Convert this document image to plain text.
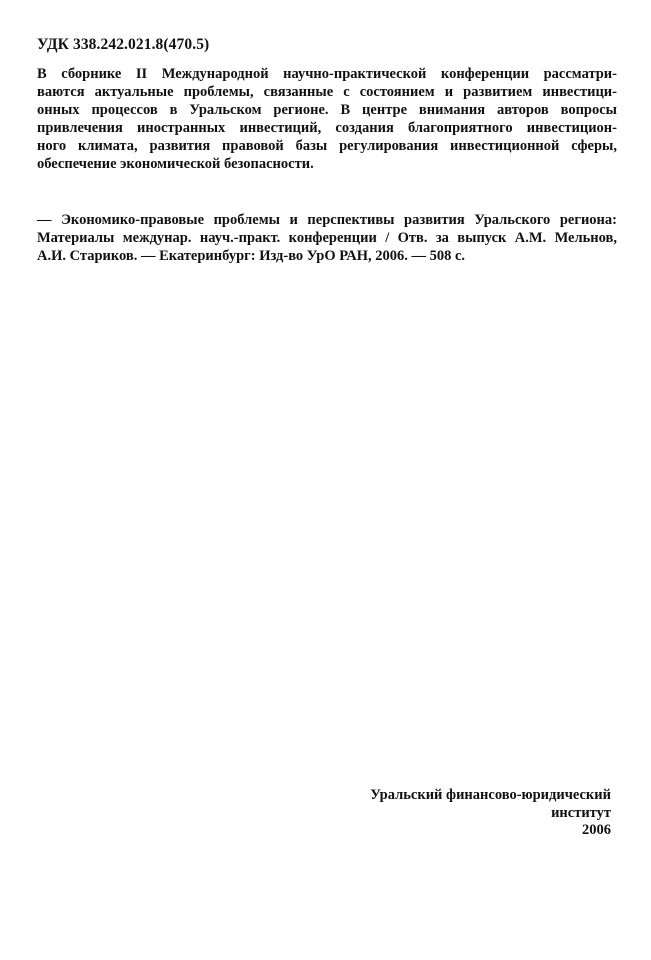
УДК 338.242.021.8(470.5)
В сборнике II Международной научно-практической конференции рассматри-
ваются актуальные проблемы, связанные с состоянием и развитием инвестици-
онных процессов в Уральском регионе. В центре внимания авторов вопросы
привлечения иностранных инвестиций, создания благоприятного инвестицион-
ного климата, развития правовой базы регулирования инвестиционной сферы,
обеспечение экономической безопасности.
— Экономико-правовые проблемы и перспективы развития Уральского региона:
Материалы междунар. науч.-практ. конференции / Отв. за выпуск А.М. Мельнов,
А.И. Стариков. — Екатеринбург: Изд-во УрО РАН, 2006. — 508 с.
Уральский финансово-юридический
институт
2006
